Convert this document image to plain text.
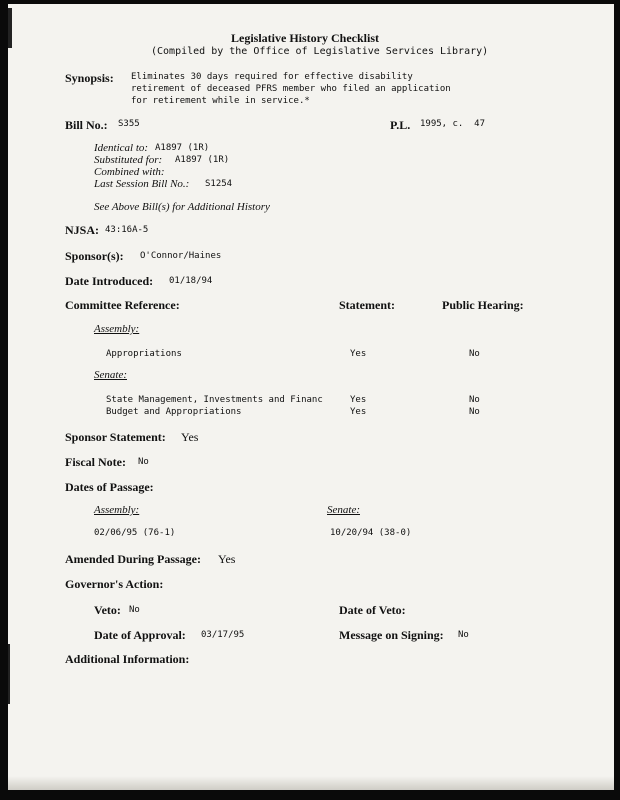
Legislative History Checklist
(Compiled by the Office of Legislative Services Library)
Synopsis: Eliminates 30 days required for effective disability
retirement of deceased PFRS member who filed an application
for retirement while in service.*
Bill No.: S355	P.L. 1995, c.  47
Identical to: A1897 (1R)
Substituted for: A1897 (1R)
Combined with:
Last Session Bill No.: S1254
See Above Bill(s) for Additional History
NJSA: 43:16A-5
Sponsor(s): O'Connor/Haines
Date Introduced: 01/18/94
Committee Reference:	Statement:	Public Hearing:
Assembly:
Appropriations	Yes	No
Senate:
State Management, Investments and Financ	Yes	No
Budget and Appropriations	Yes	No
Sponsor Statement: Yes
Fiscal Note: No
Dates of Passage:
Assembly:	Senate:
02/06/95 (76-1)	10/20/94 (38-0)
Amended During Passage: Yes
Governor's Action:
Veto: No	Date of Veto:
Date of Approval: 03/17/95	Message on Signing: No
Additional Information:
